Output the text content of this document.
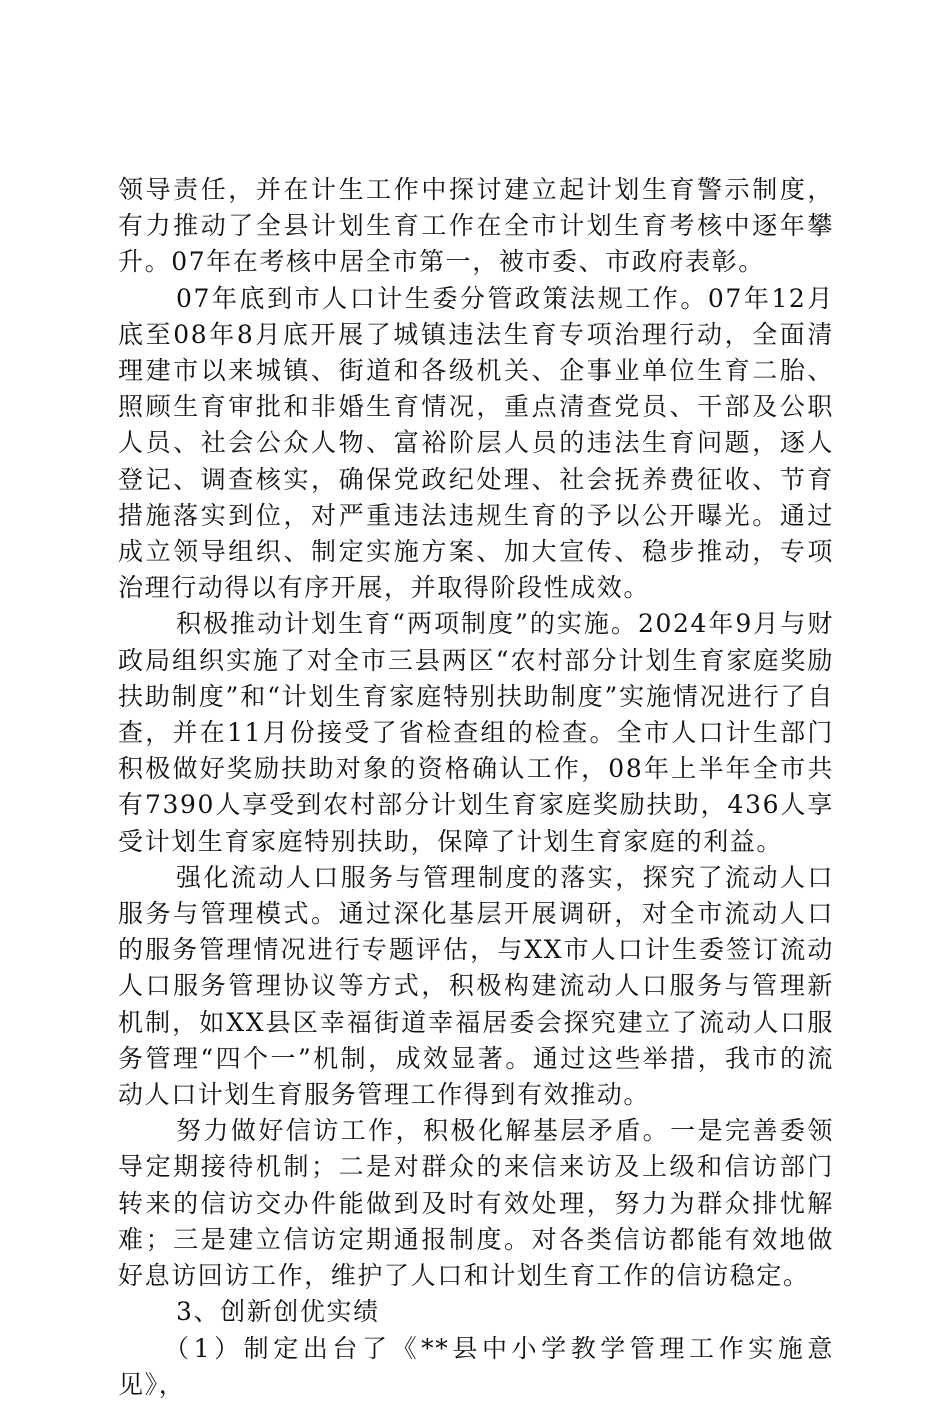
领导责任，并在计生工作中探讨建立起计划生育警示制度，有力推动了全县计划生育工作在全市计划生育考核中逐年攀升。07年在考核中居全市第一，被市委、市政府表彰。

07年底到市人口计生委分管政策法规工作。07年12月底至08年8月底开展了城镇违法生育专项治理行动，全面清理建市以来城镇、街道和各级机关、企事业单位生育二胎、照顾生育审批和非婚生育情况，重点清查党员、干部及公职人员、社会公众人物、富裕阶层人员的违法生育问题，逐人登记、调查核实，确保党政纪处理、社会抚养费征收、节育措施落实到位，对严重违法违规生育的予以公开曝光。通过成立领导组织、制定实施方案、加大宣传、稳步推动，专项治理行动得以有序开展，并取得阶段性成效。

积极推动计划生育“两项制度”的实施。2024年9月与财政局组织实施了对全市三县两区“农村部分计划生育家庭奖励扶助制度”和“计划生育家庭特别扶助制度”实施情况进行了自查，并在11月份接受了省检查组的检查。全市人口计生部门积极做好奖励扶助对象的资格确认工作，08年上半年全市共有7390人享受到农村部分计划生育家庭奖励扶助，436人享受计划生育家庭特别扶助，保障了计划生育家庭的利益。

强化流动人口服务与管理制度的落实，探究了流动人口服务与管理模式。通过深化基层开展调研，对全市流动人口的服务管理情况进行专题评估，与XX市人口计生委签订流动人口服务管理协议等方式，积极构建流动人口服务与管理新机制，如XX县区幸福街道幸福居委会探究建立了流动人口服务管理“四个一”机制，成效显著。通过这些举措，我市的流动人口计划生育服务管理工作得到有效推动。

努力做好信访工作，积极化解基层矛盾。一是完善委领导定期接待机制；二是对群众的来信来访及上级和信访部门转来的信访交办件能做到及时有效处理，努力为群众排忧解难；三是建立信访定期通报制度。对各类信访都能有效地做好息访回访工作，维护了人口和计划生育工作的信访稳定。

3、创新创优实绩

（1）制定出台了《**县中小学教学管理工作实施意见》，
